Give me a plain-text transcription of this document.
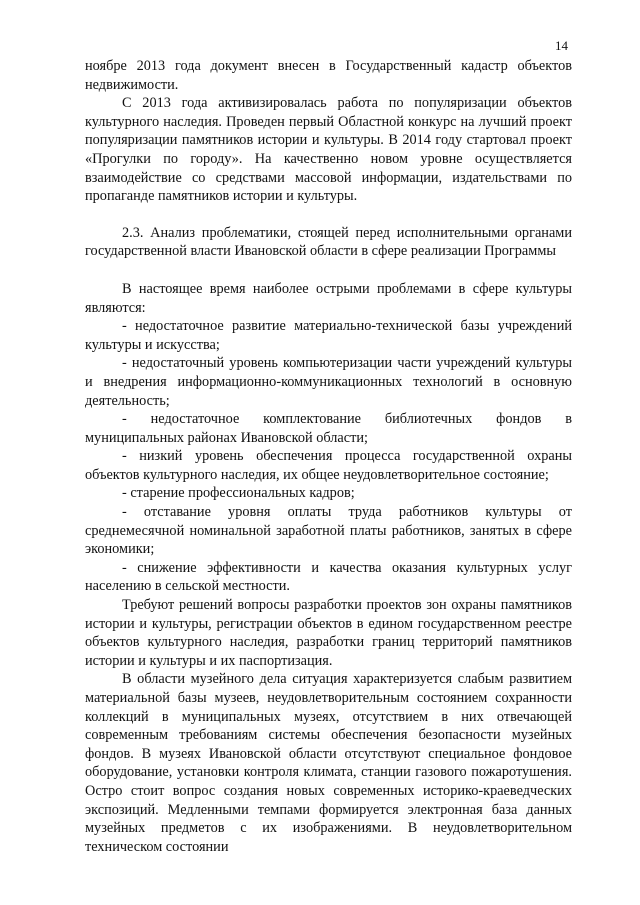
14

ноябре 2013 года документ внесен в Государственный кадастр объектов недвижимости.

С 2013 года активизировалась работа по популяризации объектов культурного наследия. Проведен первый Областной конкурс на лучший проект популяризации памятников истории и культуры. В 2014 году стартовал проект «Прогулки по городу». На качественно новом уровне осуществляется взаимодействие со средствами массовой информации, издательствами по пропаганде памятников истории и культуры.

2.3. Анализ проблематики, стоящей перед исполнительными органами государственной власти Ивановской области в сфере реализации Программы

В настоящее время наиболее острыми проблемами в сфере культуры являются:

- недостаточное развитие материально-технической базы учреждений культуры и искусства;

- недостаточный уровень компьютеризации части учреждений культуры и внедрения информационно-коммуникационных технологий в основную деятельность;

- недостаточное комплектование библиотечных фондов в муниципальных районах Ивановской области;

- низкий уровень обеспечения процесса государственной охраны объектов культурного наследия, их общее неудовлетворительное состояние;

- старение профессиональных кадров;

- отставание уровня оплаты труда работников культуры от среднемесячной номинальной заработной платы работников, занятых в сфере экономики;

- снижение эффективности и качества оказания культурных услуг населению в сельской местности.

Требуют решений вопросы разработки проектов зон охраны памятников истории и культуры, регистрации объектов в едином государственном реестре объектов культурного наследия, разработки границ территорий памятников истории и культуры и их паспортизация.

В области музейного дела ситуация характеризуется слабым развитием материальной базы музеев, неудовлетворительным состоянием сохранности коллекций в муниципальных музеях, отсутствием в них отвечающей современным требованиям системы обеспечения безопасности музейных фондов. В музеях Ивановской области отсутствуют специальное фондовое оборудование, установки контроля климата, станции газового пожаротушения. Остро стоит вопрос создания новых современных историко-краеведческих экспозиций. Медленными темпами формируется электронная база данных музейных предметов с их изображениями. В неудовлетворительном техническом состоянии
